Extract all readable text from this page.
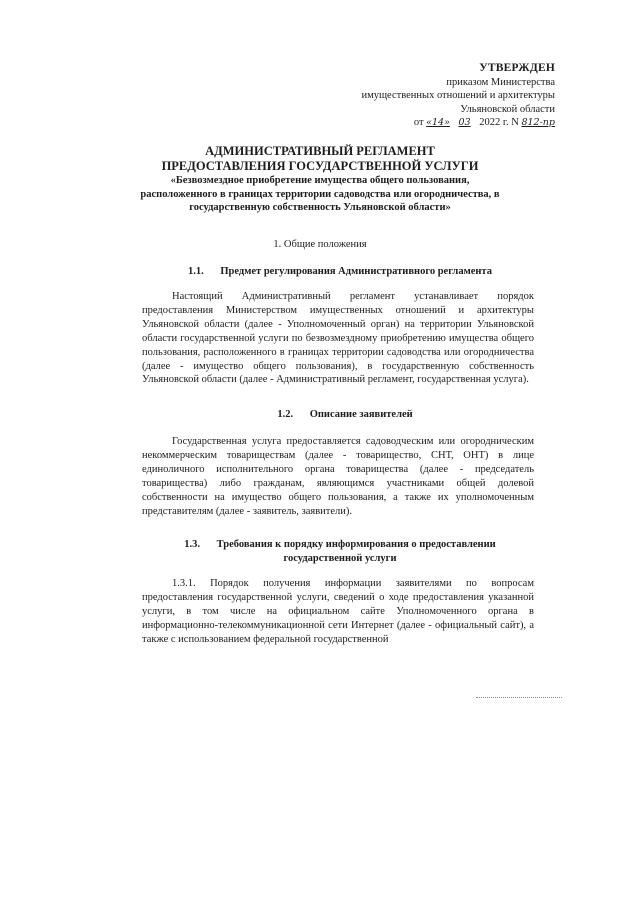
УТВЕРЖДЕН
приказом Министерства
имущественных отношений и архитектуры
Ульяновской области
от «14» 03 2022 г. N 812-пр
АДМИНИСТРАТИВНЫЙ РЕГЛАМЕНТ
ПРЕДОСТАВЛЕНИЯ ГОСУДАРСТВЕННОЙ УСЛУГИ
«Безвозмездное приобретение имущества общего пользования, расположенного в границах территории садоводства или огородничества, в государственную собственность Ульяновской области»
1. Общие положения
1.1. Предмет регулирования Административного регламента
Настоящий Административный регламент устанавливает порядок предоставления Министерством имущественных отношений и архитектуры Ульяновской области (далее - Уполномоченный орган) на территории Ульяновской области государственной услуги по безвозмездному приобретению имущества общего пользования, расположенного в границах территории садоводства или огородничества (далее - имущество общего пользования), в государственную собственность Ульяновской области (далее - Административный регламент, государственная услуга).
1.2. Описание заявителей
Государственная услуга предоставляется садоводческим или огородническим некоммерческим товариществам (далее - товарищество, СНТ, ОНТ) в лице единоличного исполнительного органа товарищества (далее - председатель товарищества) либо гражданам, являющимся участниками общей долевой собственности на имущество общего пользования, а также их уполномоченным представителям (далее - заявитель, заявители).
1.3. Требования к порядку информирования о предоставлении
государственной услуги
1.3.1. Порядок получения информации заявителями по вопросам предоставления государственной услуги, сведений о ходе предоставления указанной услуги, в том числе на официальном сайте Уполномоченного органа в информационно-телекоммуникационной сети Интернет (далее - официальный сайт), а также с использованием федеральной государственной
